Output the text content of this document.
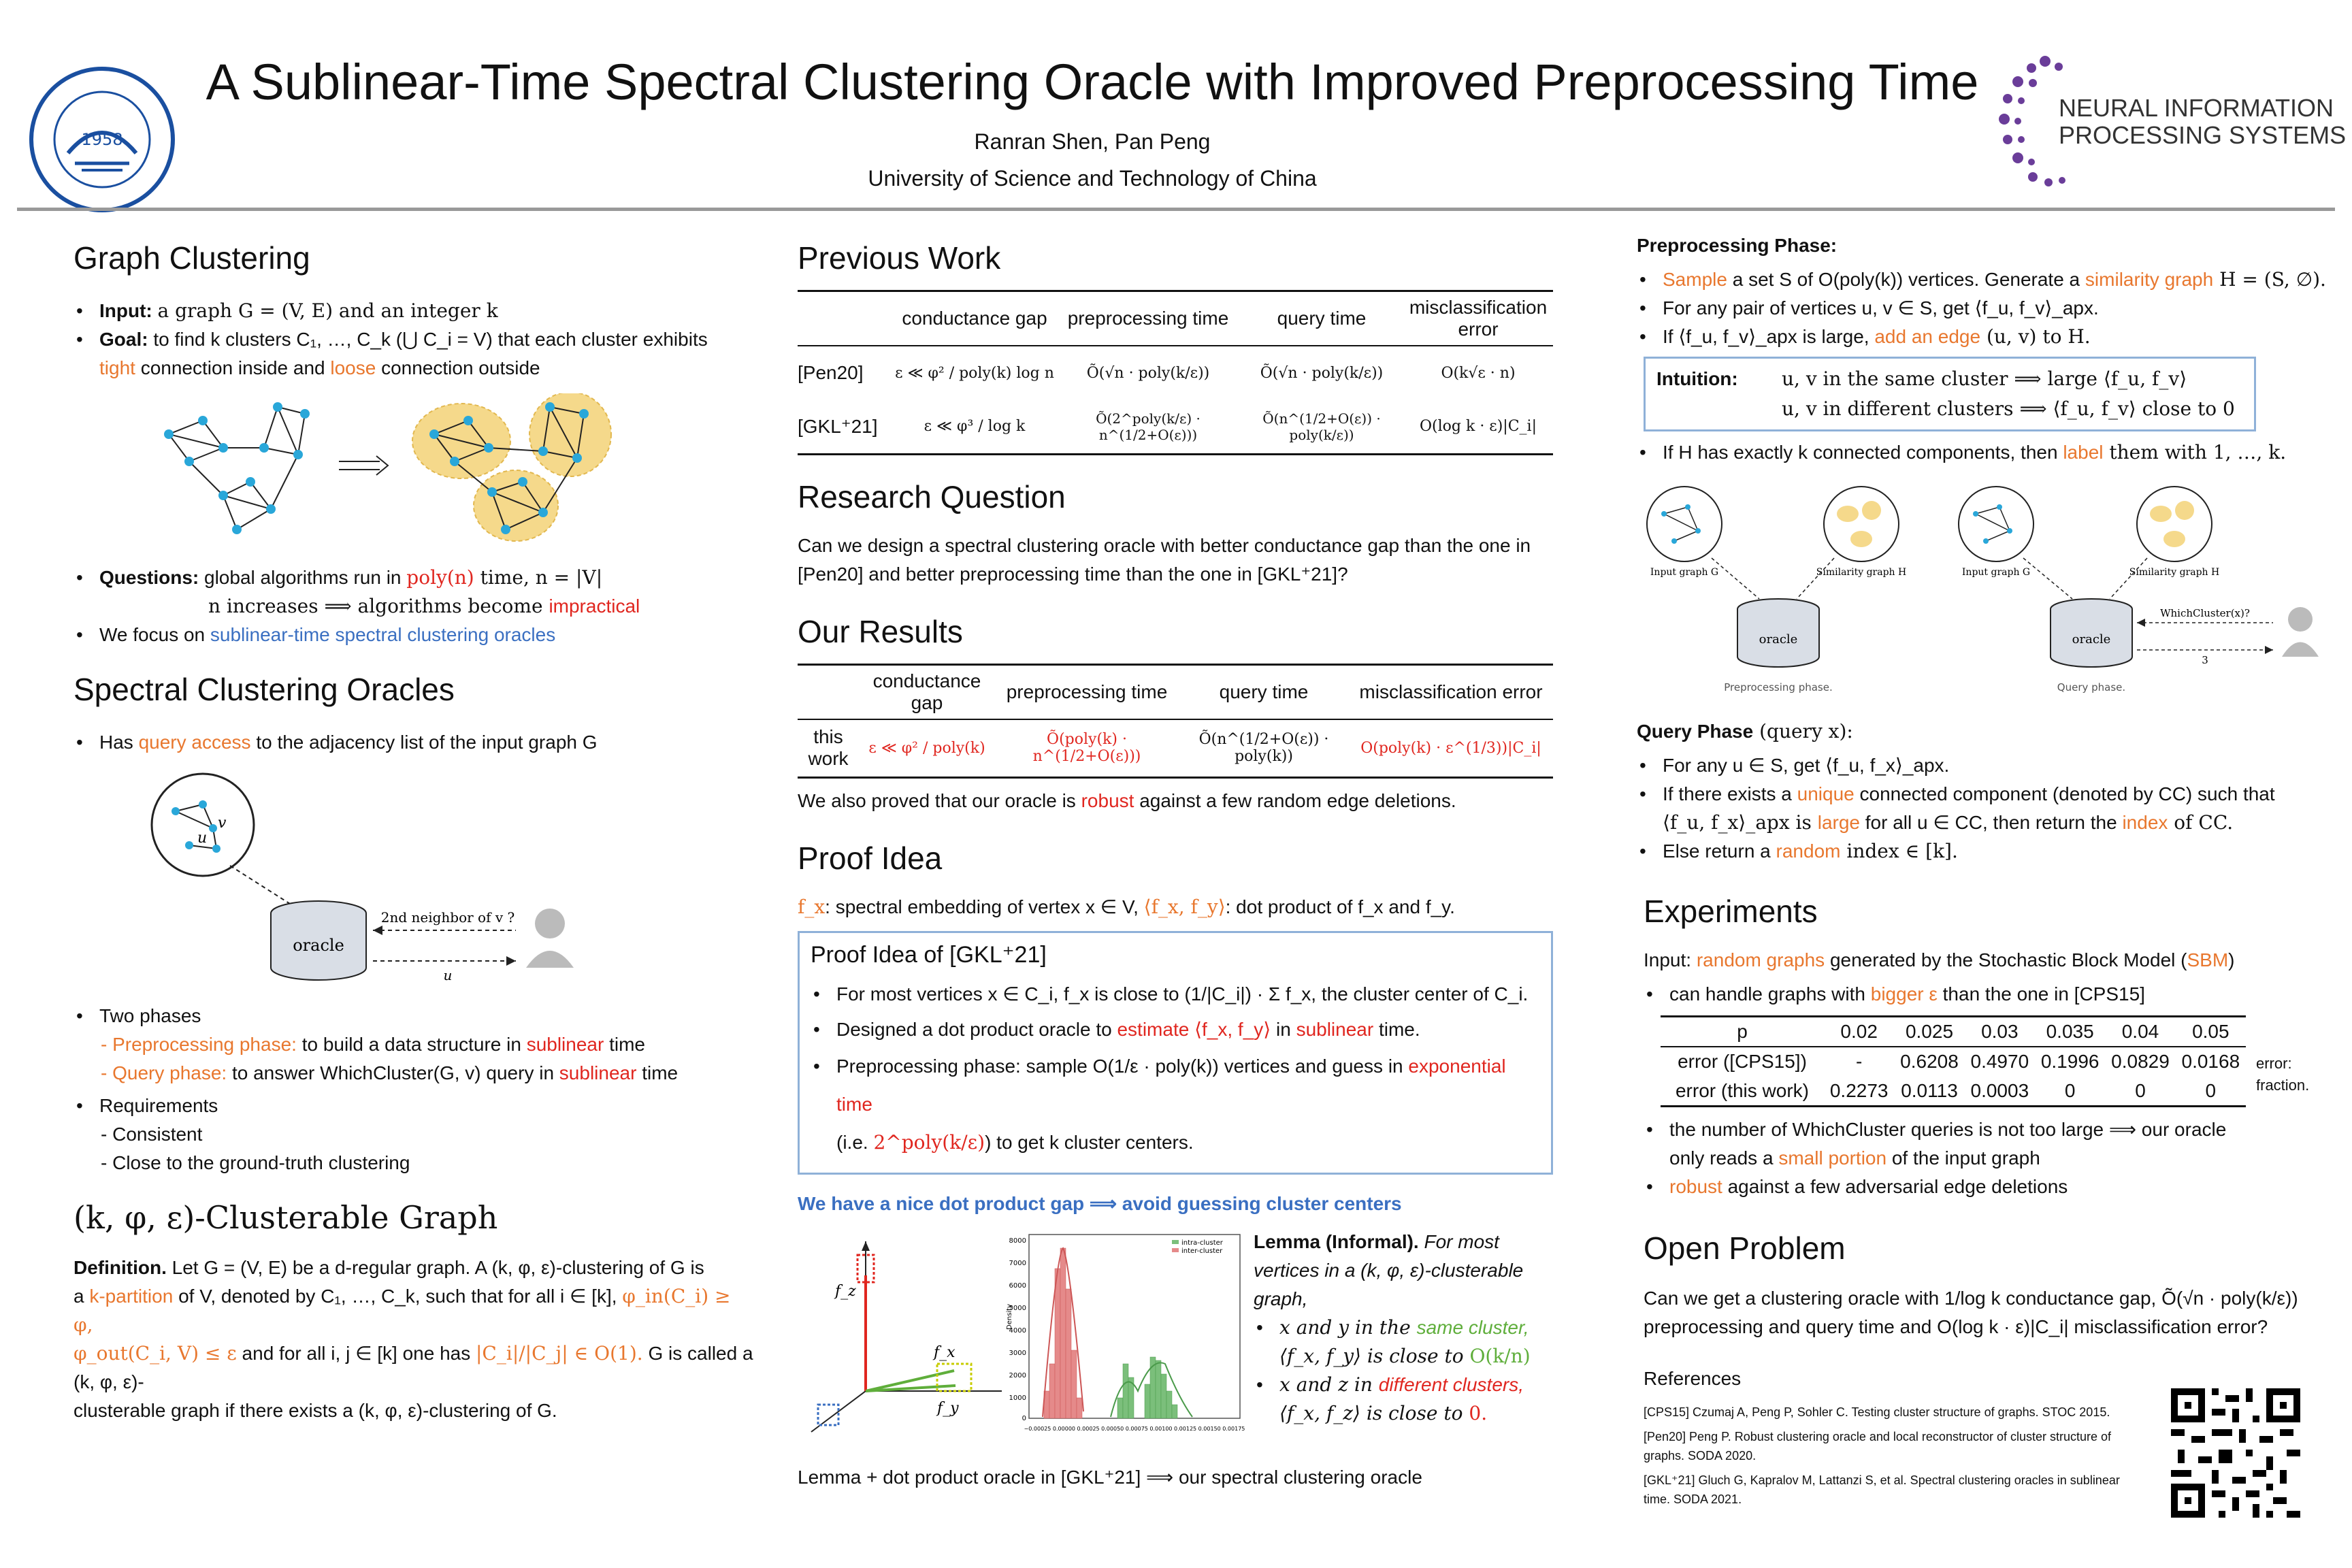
1958
A Sublinear-Time Spectral Clustering Oracle with Improved Preprocessing Time
Ranran Shen, Pan Peng
University of Science and Technology of China
NEURAL INFORMATION
PROCESSING SYSTEMS
Graph Clustering
• Input: a graph G = (V, E) and an integer k
• Goal: to find k clusters C₁, …, C_k (⋃ C_i = V) that each cluster exhibits
tight connection inside and loose connection outside
• Questions: global algorithms run in poly(n) time, n = |V|
n increases ⟹ algorithms become impractical
• We focus on sublinear-time spectral clustering oracles
Spectral Clustering Oracles
• Has query access to the adjacency list of the input graph G
v
u
oracle
2nd neighbor of v ?
u
• Two phases
- Preprocessing phase: to build a data structure in sublinear time
- Query phase: to answer WhichCluster(G, v) query in sublinear time
• Requirements
- Consistent
- Close to the ground-truth clustering
(k, φ, ε)-Clusterable Graph
Definition. Let G = (V, E) be a d-regular graph. A (k, φ, ε)-clustering of G is
a k-partition of V, denoted by C₁, …, C_k, such that for all i ∈ [k], φ_in(C_i) ≥ φ,
φ_out(C_i, V) ≤ ε and for all i, j ∈ [k] one has |C_i|/|C_j| ∈ O(1). G is called a (k, φ, ε)-
clusterable graph if there exists a (k, φ, ε)-clustering of G.
Previous Work
	conductance gap	preprocessing time	query time	misclassification error
[Pen20]	ε ≪ φ² / poly(k) log n	Õ(√n · poly(k/ε))	Õ(√n · poly(k/ε))	O(k√ε · n)
[GKL⁺21]	ε ≪ φ³ / log k	Õ(2^poly(k/ε) · n^(1/2+O(ε)))	Õ(n^(1/2+O(ε)) · poly(k/ε))	O(log k · ε)|C_i|
Research Question
Can we design a spectral clustering oracle with better conductance gap than the one in [Pen20] and better preprocessing time than the one in [GKL⁺21]?
Our Results
	conductance gap	preprocessing time	query time	misclassification error
this work	ε ≪ φ² / poly(k)	Õ(poly(k) · n^(1/2+O(ε)))	Õ(n^(1/2+O(ε)) · poly(k))	O(poly(k) · ε^(1/3))|C_i|
We also proved that our oracle is robust against a few random edge deletions.
Proof Idea
f_x: spectral embedding of vertex x ∈ V, ⟨f_x, f_y⟩: dot product of f_x and f_y.
Proof Idea of [GKL⁺21]
• For most vertices x ∈ C_i, f_x is close to (1/|C_i|) · Σ f_x, the cluster center of C_i.
• Designed a dot product oracle to estimate ⟨f_x, f_y⟩ in sublinear time.
• Preprocessing phase: sample O(1/ε · poly(k)) vertices and guess in exponential time
(i.e. 2^poly(k/ε)) to get k cluster centers.
We have a nice dot product gap ⟹ avoid guessing cluster centers
f_z
f_x
f_y
Density
8000
7000
6000
5000
4000
3000
2000
1000
0
intra-cluster
inter-cluster
−0.00025 0.00000 0.00025 0.00050 0.00075 0.00100 0.00125 0.00150 0.00175
Lemma (Informal). For most vertices in a (k, φ, ε)-clusterable graph,
• x and y in the same cluster,
⟨f_x, f_y⟩ is close to O(k/n)
• x and z in different clusters,
⟨f_x, f_z⟩ is close to 0.
Lemma + dot product oracle in [GKL⁺21] ⟹ our spectral clustering oracle
Preprocessing Phase:
• Sample a set S of O(poly(k)) vertices. Generate a similarity graph H = (S, ∅).
• For any pair of vertices u, v ∈ S, get ⟨f_u, f_v⟩_apx.
• If ⟨f_u, f_v⟩_apx is large, add an edge (u, v) to H.
Intuition: u, v in the same cluster ⟹ large ⟨f_u, f_v⟩

u, v in different clusters ⟹ ⟨f_u, f_v⟩ close to 0
• If H has exactly k connected components, then label them with 1, …, k.
Input graph G	Similarity graph H
oracle
Preprocessing phase.
Input graph G	Similarity graph H
oracle
Query phase.
WhichCluster(x)?
3
Query Phase (query x):
• For any u ∈ S, get ⟨f_u, f_x⟩_apx.
• If there exists a unique connected component (denoted by CC) such that
⟨f_u, f_x⟩_apx is large for all u ∈ CC, then return the index of CC.
• Else return a random index ∈ [k].
Experiments
Input: random graphs generated by the Stochastic Block Model (SBM)
• can handle graphs with bigger ε than the one in [CPS15]
p	0.02	0.025	0.03	0.035	0.04	0.05
error ([CPS15])	-	0.6208	0.4970	0.1996	0.0829	0.0168
error (this work)	0.2273	0.0113	0.0003	0	0	0
error:
fraction.
• the number of WhichCluster queries is not too large ⟹ our oracle
only reads a small portion of the input graph
• robust against a few adversarial edge deletions
Open Problem
Can we get a clustering oracle with 1/log k conductance gap, Õ(√n · poly(k/ε))
preprocessing and query time and O(log k · ε)|C_i| misclassification error?
References
[CPS15] Czumaj A, Peng P, Sohler C. Testing cluster structure of graphs. STOC 2015.
[Pen20] Peng P. Robust clustering oracle and local reconstructor of cluster structure of graphs. SODA 2020.
[GKL⁺21] Gluch G, Kapralov M, Lattanzi S, et al. Spectral clustering oracles in sublinear time. SODA 2021.
